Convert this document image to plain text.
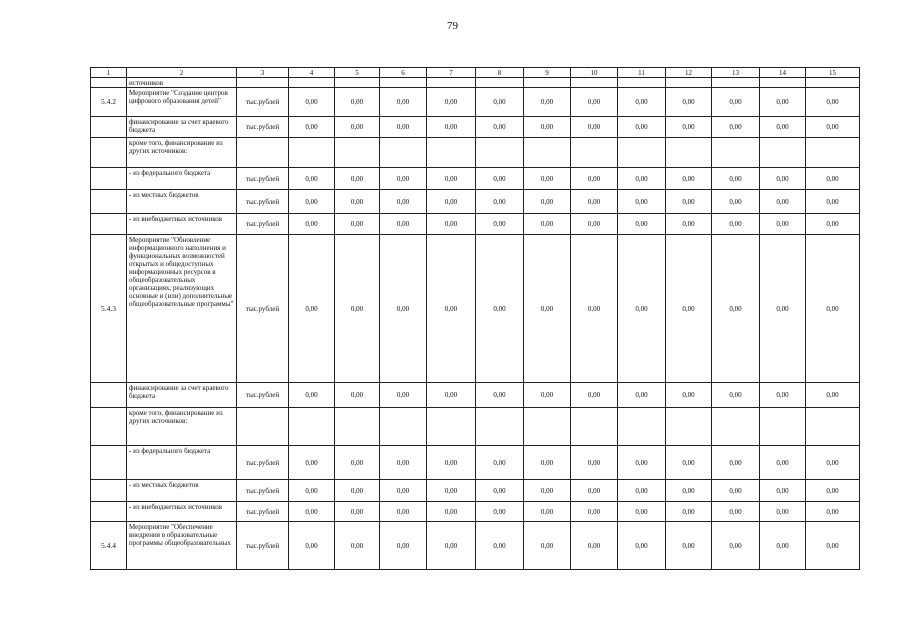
79
1	2	3	4	5	6	7	8	9	10	11	12	13	14	15
	источников													
5.4.2	Мероприятие "Создание центров цифрового образования детей"	тыс.рублей	0,00	0,00	0,00	0,00	0,00	0,00	0,00	0,00	0,00	0,00	0,00	0,00
	финансирование за счет краевого бюджета	тыс.рублей	0,00	0,00	0,00	0,00	0,00	0,00	0,00	0,00	0,00	0,00	0,00	0,00
	кроме того, финансирование из других источников:													
	- из федерального бюджета	тыс.рублей	0,00	0,00	0,00	0,00	0,00	0,00	0,00	0,00	0,00	0,00	0,00	0,00
	- из местных бюджетов	тыс.рублей	0,00	0,00	0,00	0,00	0,00	0,00	0,00	0,00	0,00	0,00	0,00	0,00
	- из внебюджетных источников	тыс.рублей	0,00	0,00	0,00	0,00	0,00	0,00	0,00	0,00	0,00	0,00	0,00	0,00
5.4.3	Мероприятие "Обновление информационного наполнения и функциональных возможностей открытых и общедоступных информационных ресурсов в общеобразовательных организациях, реализующих основные и (или) дополнительные общеобразовательные программы"	тыс.рублей	0,00	0,00	0,00	0,00	0,00	0,00	0,00	0,00	0,00	0,00	0,00	0,00
	финансирование за счет краевого бюджета	тыс.рублей	0,00	0,00	0,00	0,00	0,00	0,00	0,00	0,00	0,00	0,00	0,00	0,00
	кроме того, финансирование из других источников:													
	- из федерального бюджета	тыс.рублей	0,00	0,00	0,00	0,00	0,00	0,00	0,00	0,00	0,00	0,00	0,00	0,00
	- из местных бюджетов	тыс.рублей	0,00	0,00	0,00	0,00	0,00	0,00	0,00	0,00	0,00	0,00	0,00	0,00
	- из внебюджетных источников	тыс.рублей	0,00	0,00	0,00	0,00	0,00	0,00	0,00	0,00	0,00	0,00	0,00	0,00
5.4.4	Мероприятие "Обеспечение внедрения в образовательные программы общеобразовательных	тыс.рублей	0,00	0,00	0,00	0,00	0,00	0,00	0,00	0,00	0,00	0,00	0,00	0,00
